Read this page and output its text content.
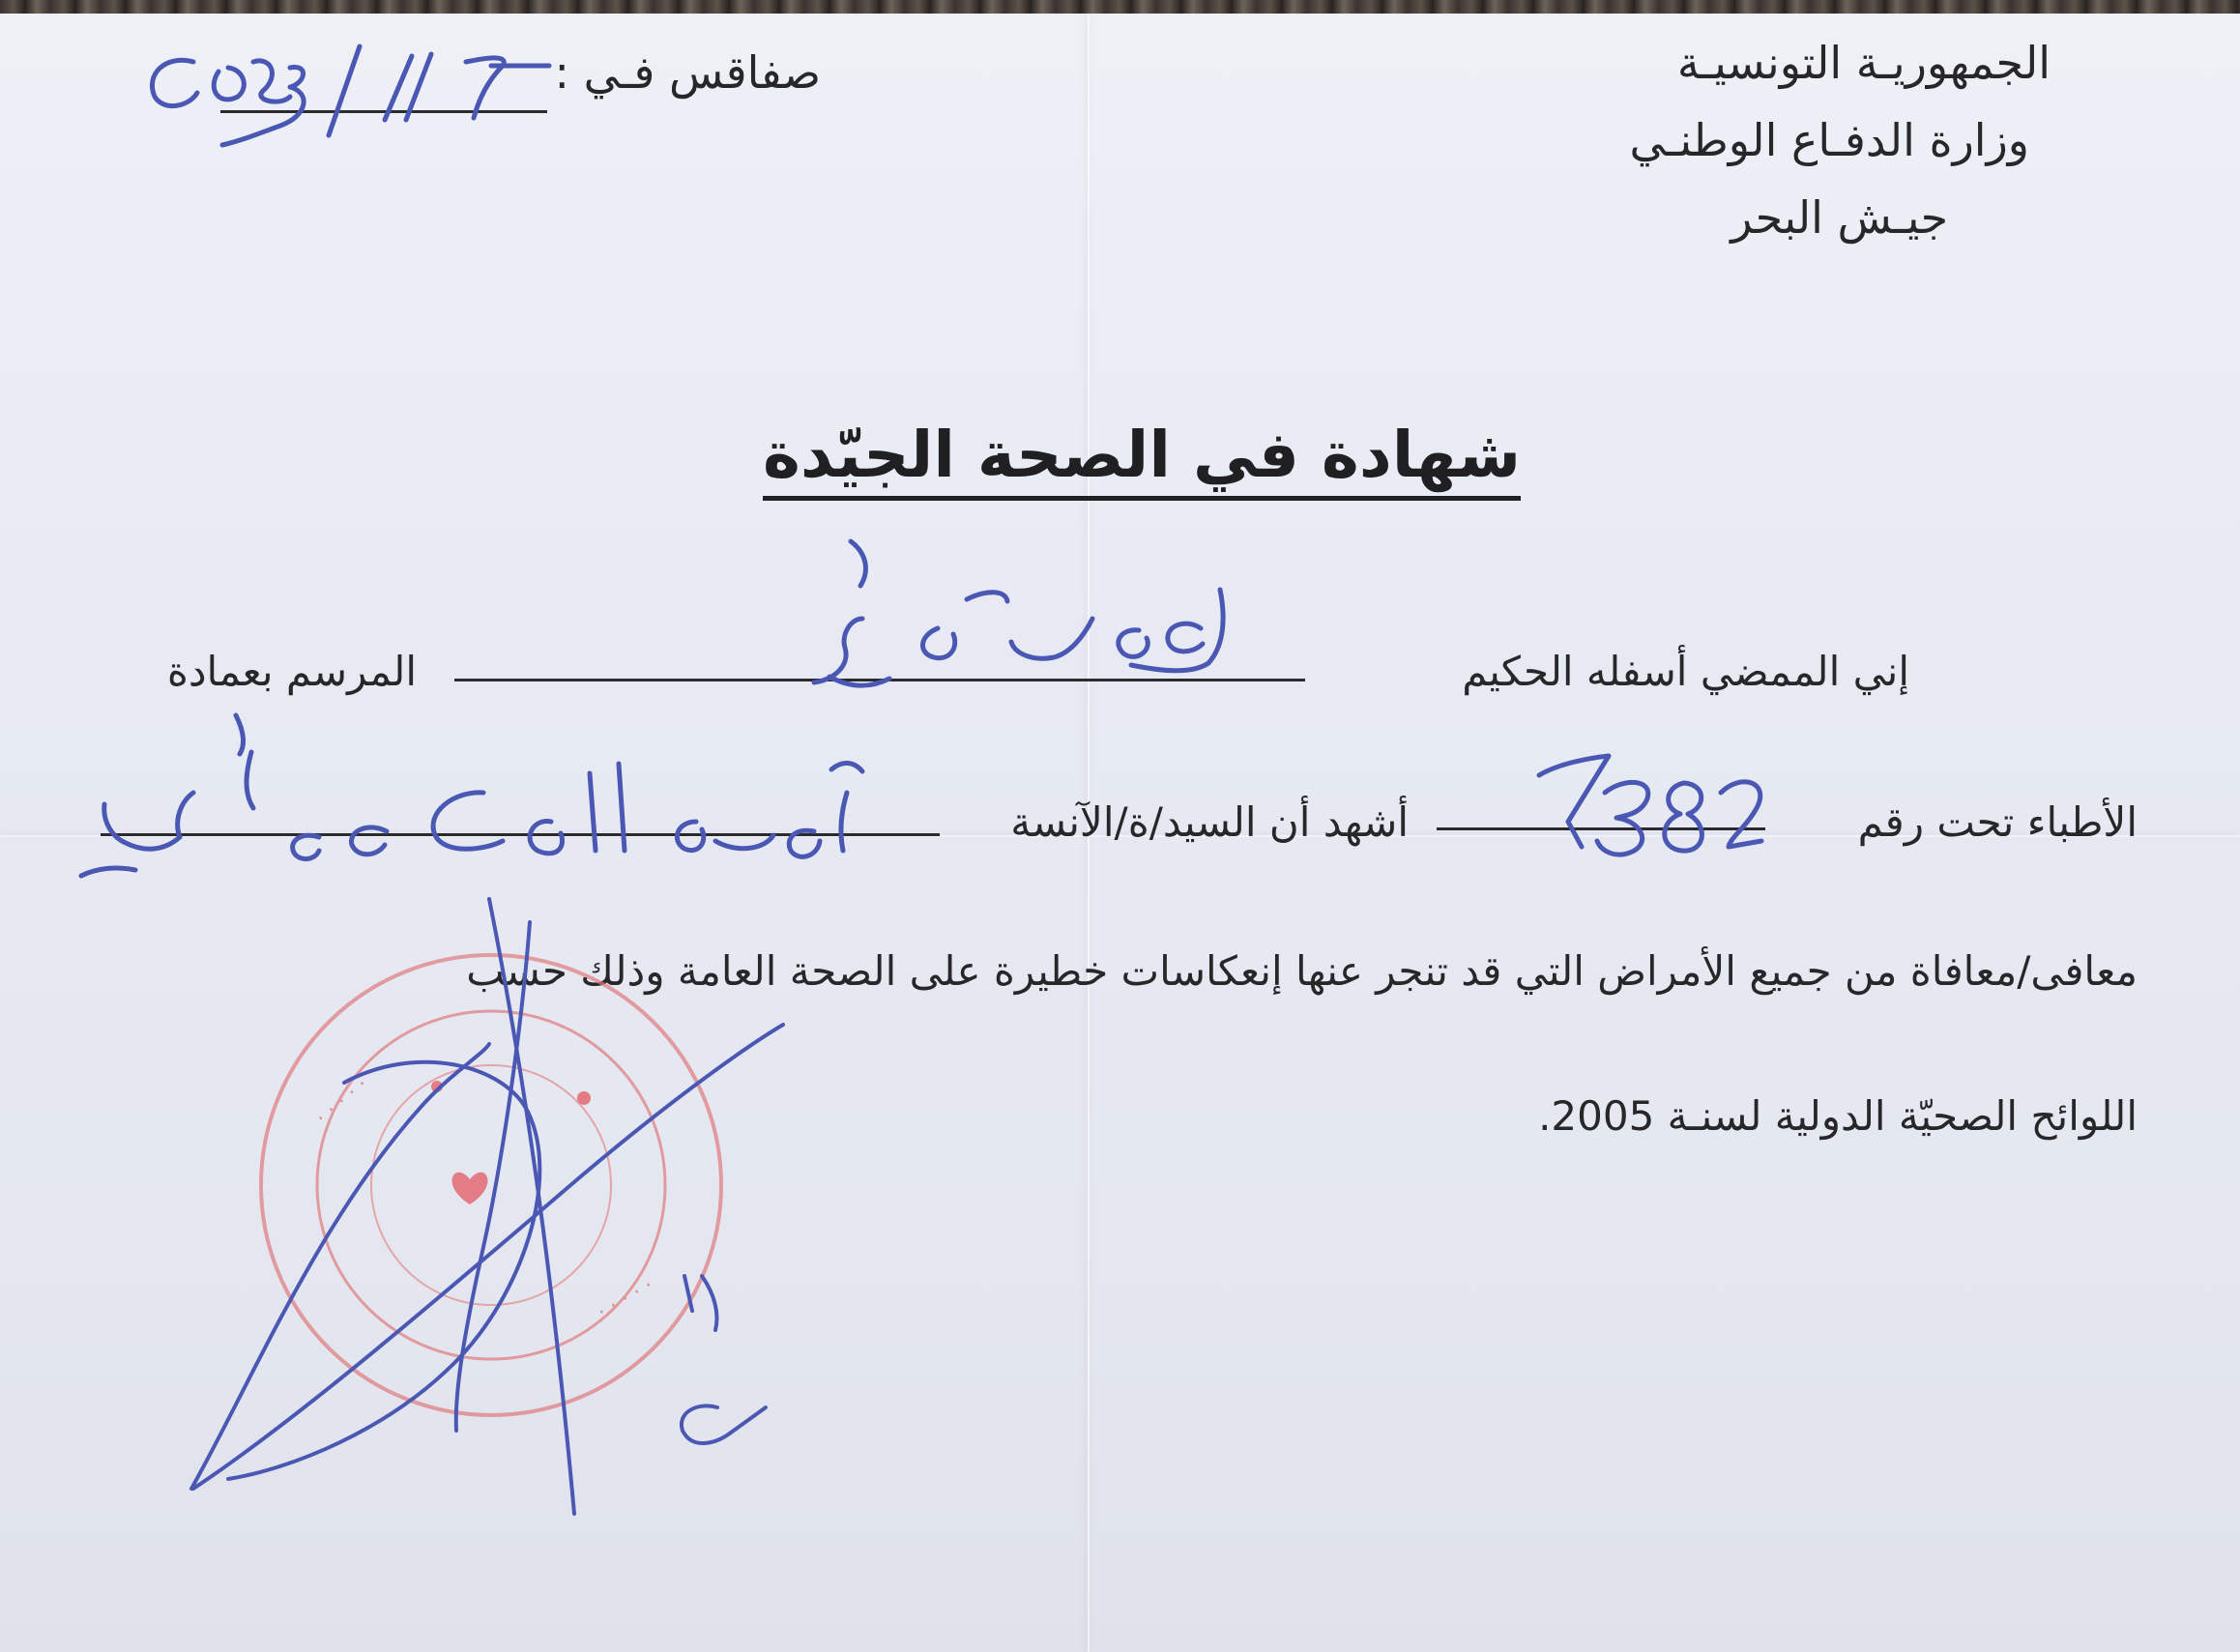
الجمهوريـة التونسيـة
وزارة الدفـاع الوطنـي
جيـش البحر
صفاقس فـي :
شهادة في الصحة الجيّدة
إني الممضي أسفله الحكيم
المرسم بعمادة
الأطباء تحت رقم
أشهد أن السيد/ة/الآنسة
معافى/معافاة من جميع الأمراض التي قد تنجر عنها إنعكاسات خطيرة على الصحة العامة وذلك حسب
اللوائح الصحيّة الدولية لسنـة 2005.
. . . . .
. . . . .
